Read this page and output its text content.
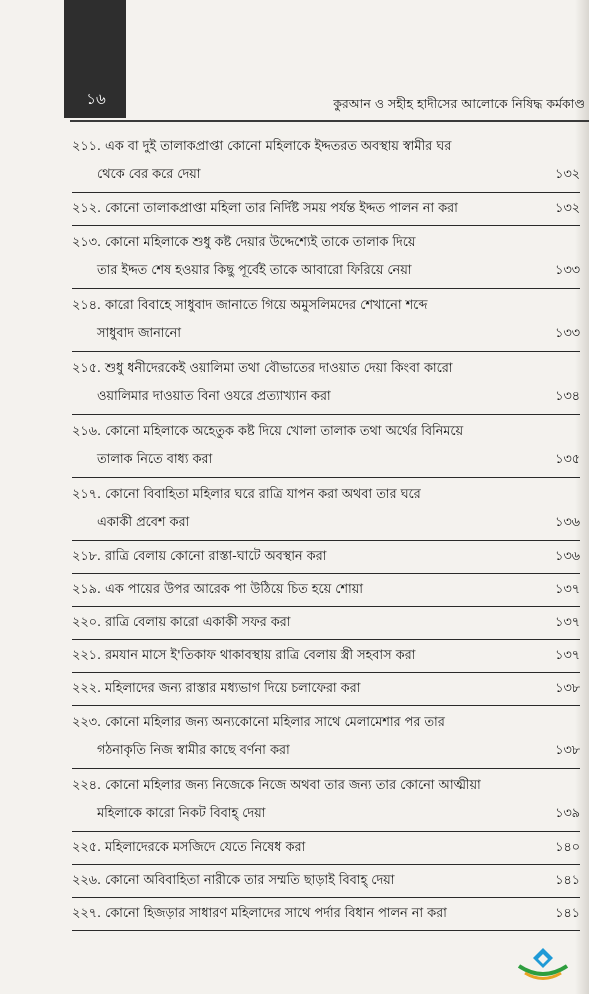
১৬	কুরআন ও সহীহ হাদীসের আলোকে নিষিদ্ধ কর্মকাণ্ড
২১১. এক বা দুই তালাকপ্রাপ্তা কোনো মহিলাকে ইদ্দতরত অবস্থায় স্বামীর ঘর
থেকে বের করে দেয়া	১৩২
২১২. কোনো তালাকপ্রাপ্তা মহিলা তার নির্দিষ্ট সময় পর্যন্ত ইদ্দত পালন না করা	১৩২
২১৩. কোনো মহিলাকে শুধু কষ্ট দেয়ার উদ্দেশ্যেই তাকে তালাক দিয়ে
তার ইদ্দত শেষ হওয়ার কিছু পূর্বেই তাকে আবারো ফিরিয়ে নেয়া	১৩৩
২১৪. কারো বিবাহে সাধুবাদ জানাতে গিয়ে অমুসলিমদের শেখানো শব্দে
সাধুবাদ জানানো	১৩৩
২১৫. শুধু ধনীদেরকেই ওয়ালিমা তথা বৌভাতের দাওয়াত দেয়া কিংবা কারো
ওয়ালিমার দাওয়াত বিনা ওযরে প্রত্যাখ্যান করা	১৩৪
২১৬. কোনো মহিলাকে অহেতুক কষ্ট দিয়ে খোলা তালাক তথা অর্থের বিনিময়ে
তালাক নিতে বাধ্য করা	১৩৫
২১৭. কোনো বিবাহিতা মহিলার ঘরে রাত্রি যাপন করা অথবা তার ঘরে
একাকী প্রবেশ করা	১৩৬
২১৮. রাত্রি বেলায় কোনো রাস্তা-ঘাটে অবস্থান করা	১৩৬
২১৯. এক পায়ের উপর আরেক পা উঠিয়ে চিত হয়ে শোয়া	১৩৭
২২০. রাত্রি বেলায় কারো একাকী সফর করা	১৩৭
২২১. রমযান মাসে ই'তিকাফ থাকাবস্থায় রাত্রি বেলায় স্ত্রী সহবাস করা	১৩৭
২২২. মহিলাদের জন্য রাস্তার মধ্যভাগ দিয়ে চলাফেরা করা	১৩৮
২২৩. কোনো মহিলার জন্য অন্যকোনো মহিলার সাথে মেলামেশার পর তার
গঠনাকৃতি নিজ স্বামীর কাছে বর্ণনা করা	১৩৮
২২৪. কোনো মহিলার জন্য নিজেকে নিজে অথবা তার জন্য তার কোনো আত্মীয়া
মহিলাকে কারো নিকট বিবাহ্ দেয়া	১৩৯
২২৫. মহিলাদেরকে মসজিদে যেতে নিষেধ করা	১৪০
২২৬. কোনো অবিবাহিতা নারীকে তার সম্মতি ছাড়াই বিবাহ্ দেয়া	১৪১
২২৭. কোনো হিজড়ার সাধারণ মহিলাদের সাথে পর্দার বিধান পালন না করা	১৪১
